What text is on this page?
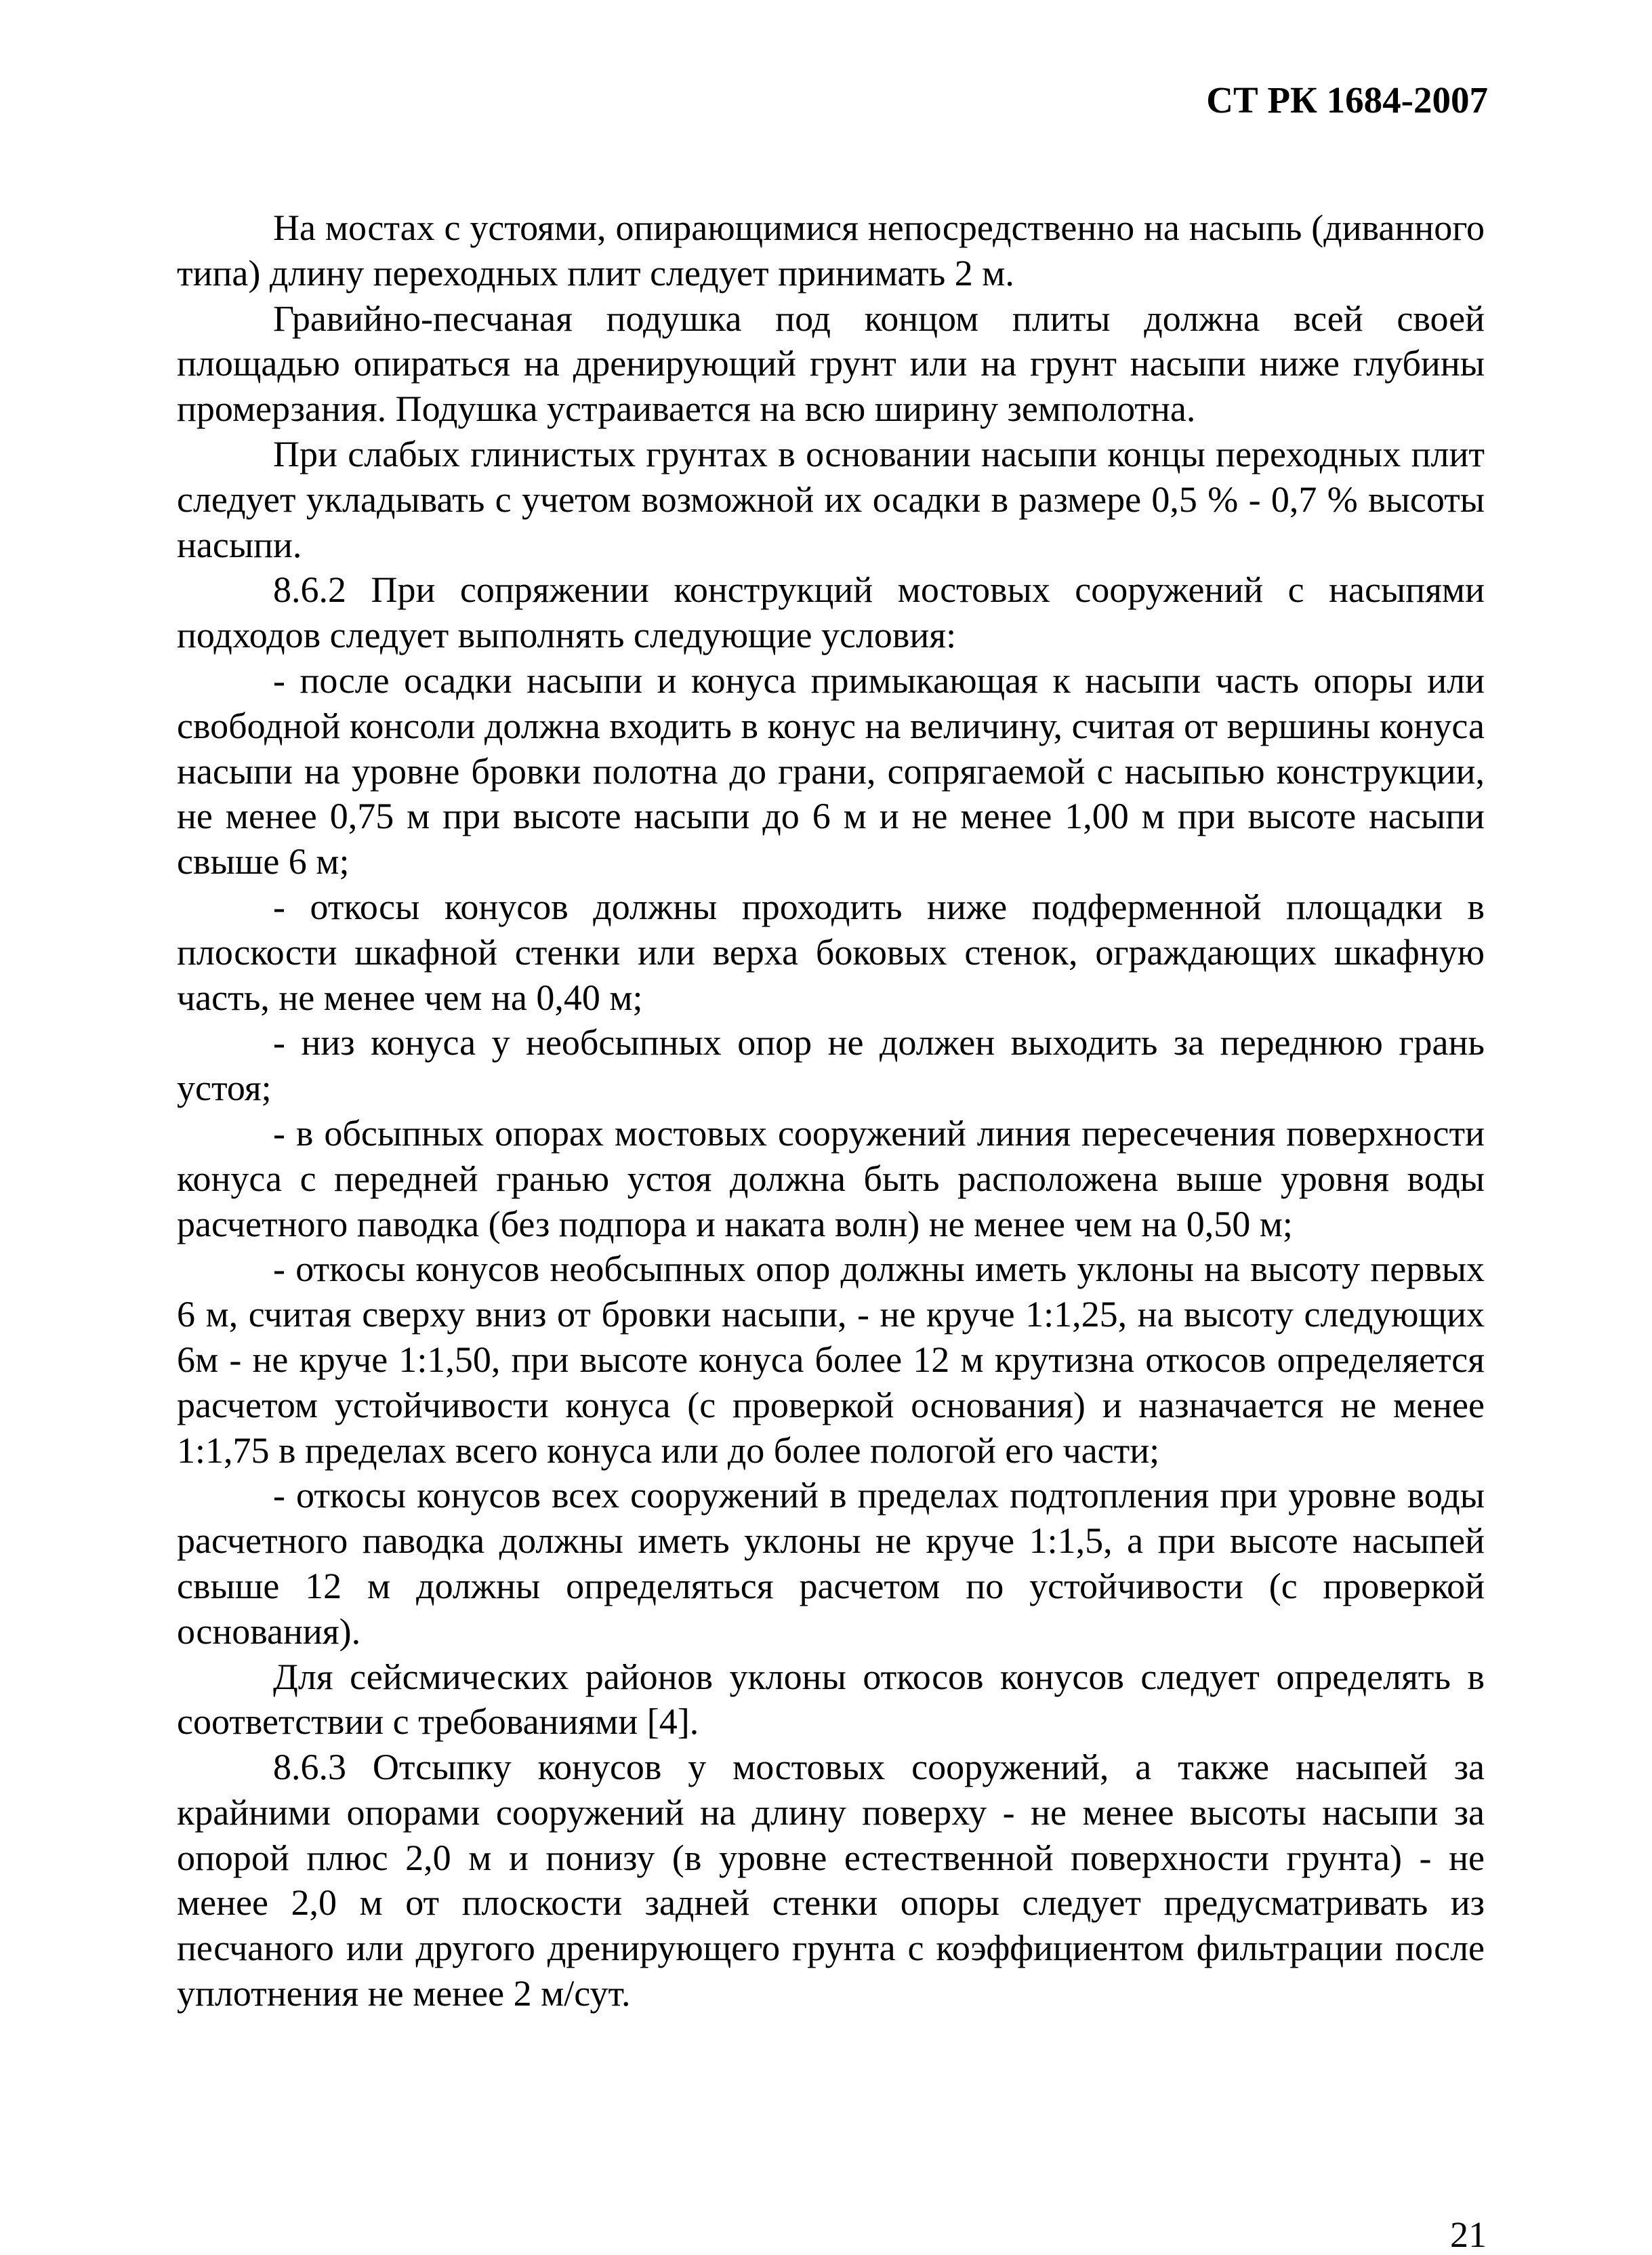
СТ РК 1684-2007

На мостах с устоями, опирающимися непосредственно на насыпь (диванного типа) длину переходных плит следует принимать 2 м.

Гравийно-песчаная подушка под концом плиты должна всей своей площадью опираться на дренирующий грунт или на грунт насыпи ниже глубины промерзания. Подушка устраивается на всю ширину земполотна.

При слабых глинистых грунтах в основании насыпи концы переходных плит следует укладывать с учетом возможной их осадки в размере 0,5 % - 0,7 % высоты насыпи.

8.6.2 При сопряжении конструкций мостовых сооружений с насыпями подходов следует выполнять следующие условия:

- после осадки насыпи и конуса примыкающая к насыпи часть опоры или свободной консоли должна входить в конус на величину, считая от вершины конуса насыпи на уровне бровки полотна до грани, сопрягаемой с насыпью конструкции, не менее 0,75 м при высоте насыпи до 6 м и не менее 1,00 м при высоте насыпи свыше 6 м;

- откосы конусов должны проходить ниже подферменной площадки в плоскости шкафной стенки или верха боковых стенок, ограждающих шкафную часть, не менее чем на 0,40 м;

- низ конуса у необсыпных опор не должен выходить за переднюю грань устоя;

- в обсыпных опорах мостовых сооружений линия пересечения поверхности конуса с передней гранью устоя должна быть расположена выше уровня воды расчетного паводка (без подпора и наката волн) не менее чем на 0,50 м;

- откосы конусов необсыпных опор должны иметь уклоны на высоту первых 6 м, считая сверху вниз от бровки насыпи, - не круче 1:1,25, на высоту следующих 6м - не круче 1:1,50, при высоте конуса более 12 м крутизна откосов определяется расчетом устойчивости конуса (с проверкой основания) и назначается не менее 1:1,75 в пределах всего конуса или до более пологой его части;

- откосы конусов всех сооружений в пределах подтопления при уровне воды расчетного паводка должны иметь уклоны не круче 1:1,5, а при высоте насыпей свыше 12 м должны определяться расчетом по устойчивости (с проверкой основания).

Для сейсмических районов уклоны откосов конусов следует определять в соответствии с требованиями [4].

8.6.3 Отсыпку конусов у мостовых сооружений, а также насыпей за крайними опорами сооружений на длину поверху - не менее высоты насыпи за опорой плюс 2,0 м и понизу (в уровне естественной поверхности грунта) - не менее 2,0 м от плоскости задней стенки опоры следует предусматривать из песчаного или другого дренирующего грунта с коэффициентом фильтрации после уплотнения не менее 2 м/сут.

21
